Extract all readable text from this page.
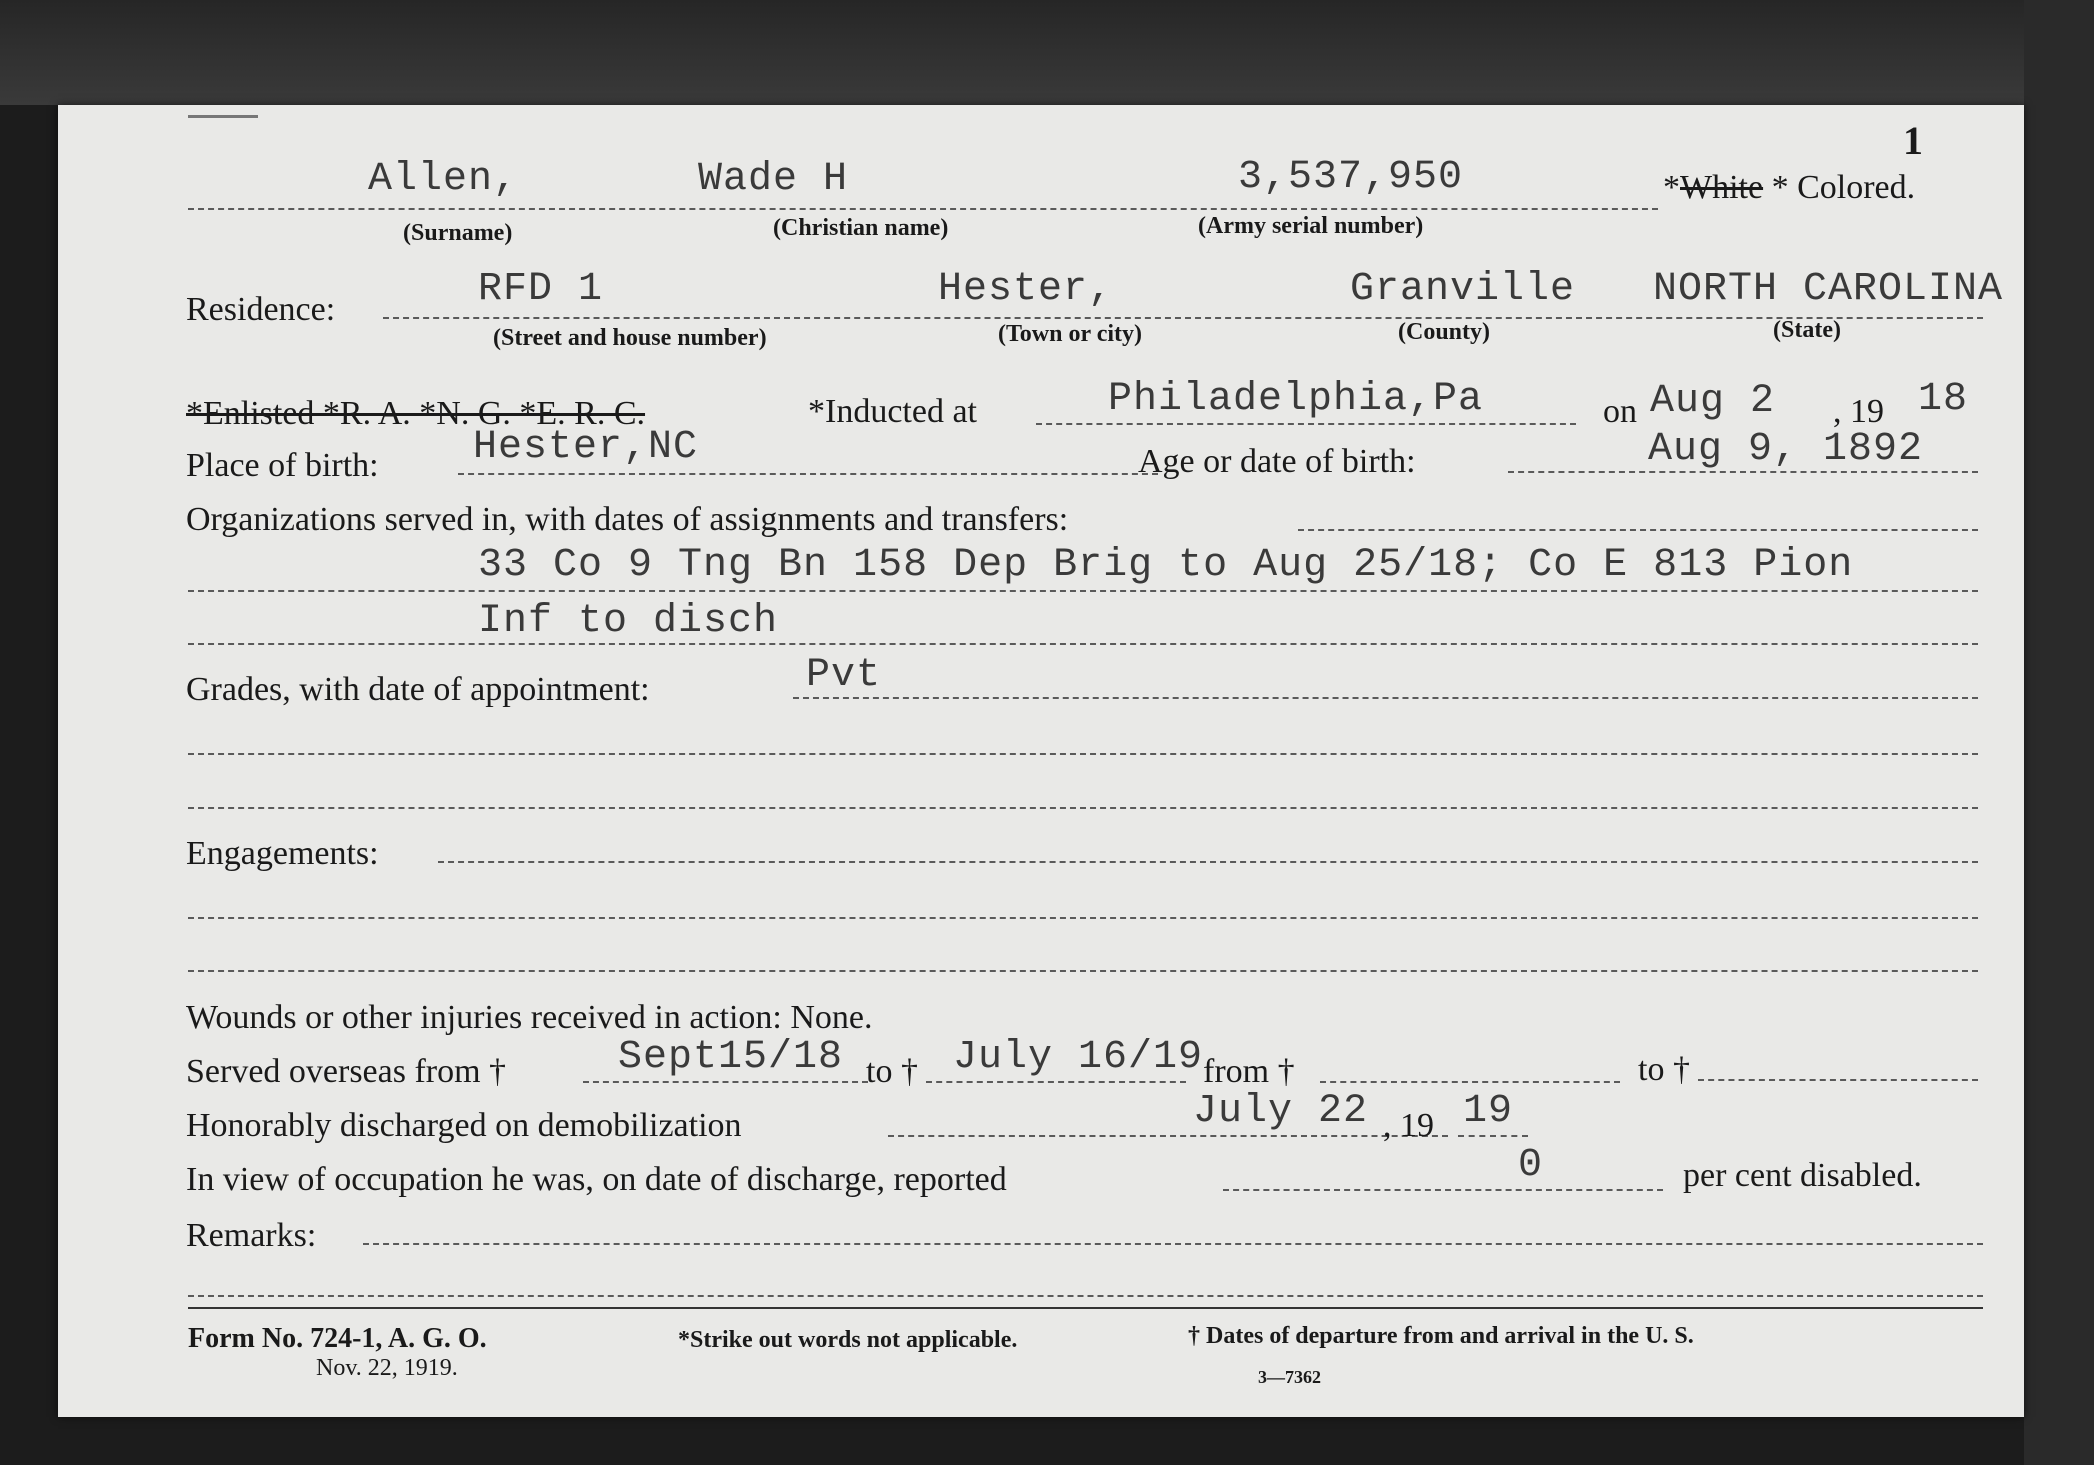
1
Allen,	Wade H	3,537,950	*White * Colored.
(Surname)	(Christian name)	(Army serial number)
Residence:	RFD 1	Hester,	Granville NORTH CAROLINA
(Street and house number)	(Town or city)	(County)	(State)
*Enlisted *R. A. *N. G. *E. R. C.	*Inducted at	Philadelphia,Pa	on Aug 2 , 19 18
Place of birth: Hester,NC	Age or date of birth:	Aug 9, 1892
Organizations served in, with dates of assignments and transfers:
33 Co 9 Tng Bn 158 Dep Brig to Aug 25/18; Co E 813 Pion
Inf to disch
Grades, with date of appointment:	Pvt
Engagements:
Wounds or other injuries received in action: None.
Served overseas from †	Sept15/18 to † July 16/19 from †	to †
Honorably discharged on demobilization	July 22 , 19 19
In view of occupation he was, on date of discharge, reported	0	per cent disabled.
Remarks:
Form No. 724-1, A. G. O.
Nov. 22, 1919.
*Strike out words not applicable.	† Dates of departure from and arrival in the U. S.
3—7362
